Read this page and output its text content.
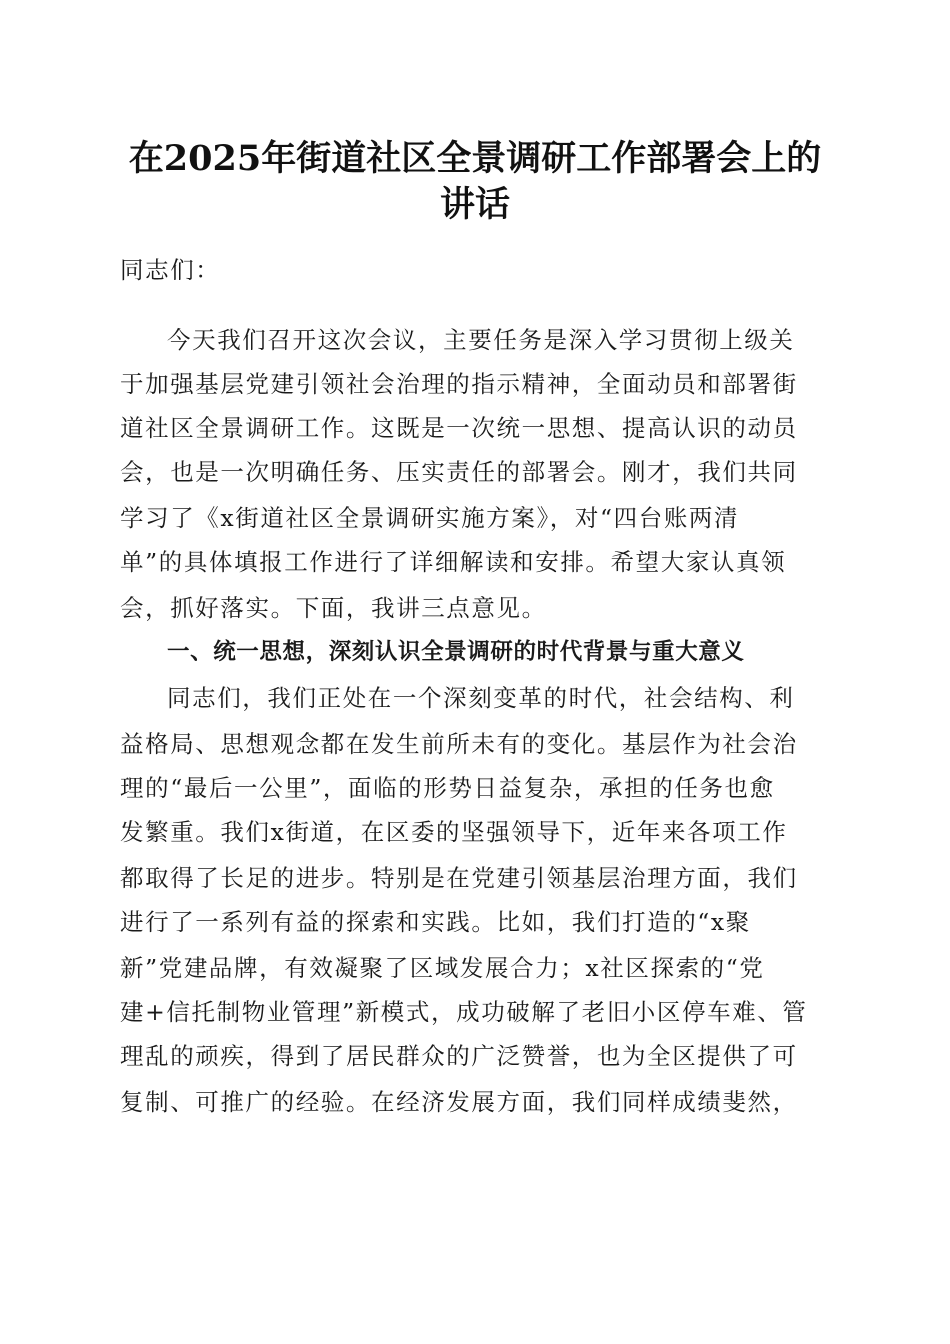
在2025年街道社区全景调研工作部署会上的
讲话
同志们：
今天我们召开这次会议，主要任务是深入学习贯彻上级关
于加强基层党建引领社会治理的指示精神，全面动员和部署街
道社区全景调研工作。这既是一次统一思想、提高认识的动员
会，也是一次明确任务、压实责任的部署会。刚才，我们共同
学习了《x街道社区全景调研实施方案》，对“四台账两清
单”的具体填报工作进行了详细解读和安排。希望大家认真领
会，抓好落实。下面，我讲三点意见。
一、统一思想，深刻认识全景调研的时代背景与重大意义
同志们，我们正处在一个深刻变革的时代，社会结构、利
益格局、思想观念都在发生前所未有的变化。基层作为社会治
理的“最后一公里”，面临的形势日益复杂，承担的任务也愈
发繁重。我们x街道，在区委的坚强领导下，近年来各项工作
都取得了长足的进步。特别是在党建引领基层治理方面，我们
进行了一系列有益的探索和实践。比如，我们打造的“x聚
新”党建品牌，有效凝聚了区域发展合力；x社区探索的“党
建+信托制物业管理”新模式，成功破解了老旧小区停车难、管
理乱的顽疾，得到了居民群众的广泛赞誉，也为全区提供了可
复制、可推广的经验。在经济发展方面，我们同样成绩斐然，
